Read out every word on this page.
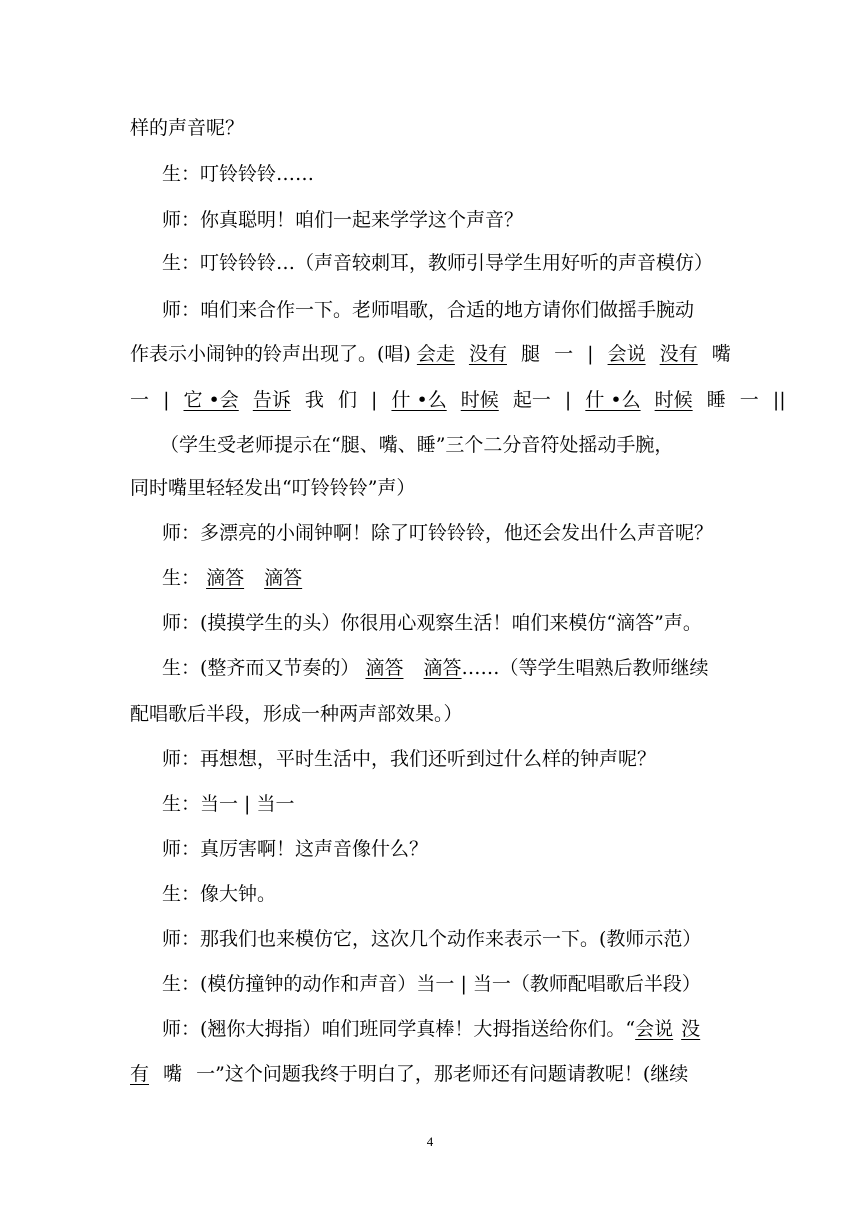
样的声音呢？
生：叮铃铃铃……
师：你真聪明！咱们一起来学学这个声音？
生：叮铃铃铃…（声音较刺耳，教师引导学生用好听的声音模仿）
师：咱们来合作一下。老师唱歌，合适的地方请你们做摇手腕动
作表示小闹钟的铃声出现了。(唱) 会走 没有 腿 一 | 会说 没有 嘴
一 | 它 •会 告诉 我 们 | 什 •么 时候 起一 | 什 •么 时候 睡 一 ||
（学生受老师提示在“腿、嘴、睡”三个二分音符处摇动手腕，
同时嘴里轻轻发出“叮铃铃铃”声）
师：多漂亮的小闹钟啊！除了叮铃铃铃，他还会发出什么声音呢？
生： 滴答 滴答
师：(摸摸学生的头）你很用心观察生活！咱们来模仿“滴答”声。
生：(整齐而又节奏的） 滴答 滴答……（等学生唱熟后教师继续
配唱歌后半段，形成一种两声部效果。）
师：再想想，平时生活中，我们还听到过什么样的钟声呢？
生：当一 | 当一
师：真厉害啊！这声音像什么？
生：像大钟。
师：那我们也来模仿它，这次几个动作来表示一下。(教师示范）
生：(模仿撞钟的动作和声音）当一 | 当一（教师配唱歌后半段）
师：(翘你大拇指）咱们班同学真棒！大拇指送给你们。“会说 没
有 嘴 一”这个问题我终于明白了，那老师还有问题请教呢！(继续
4
